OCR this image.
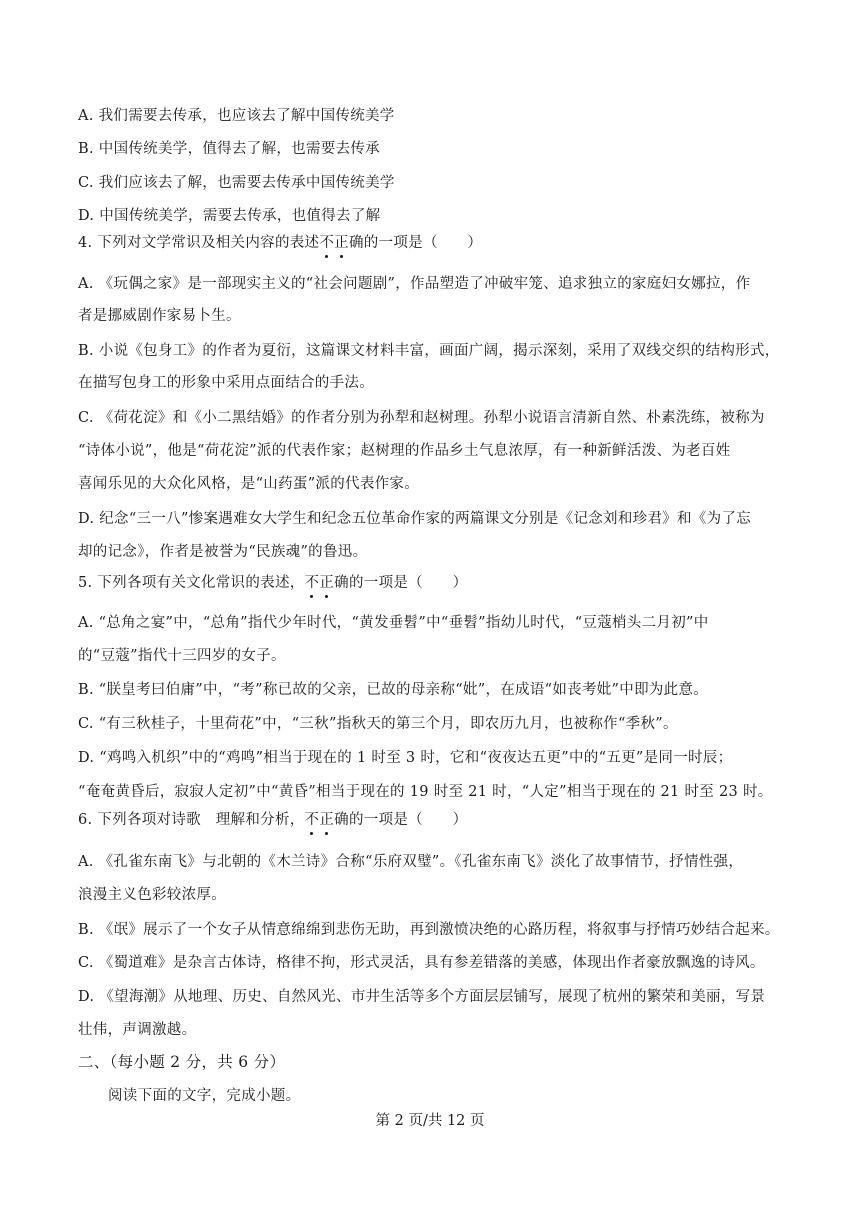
A. 我们需要去传承，也应该去了解中国传统美学
B. 中国传统美学，值得去了解，也需要去传承
C. 我们应该去了解，也需要去传承中国传统美学
D. 中国传统美学，需要去传承，也值得去了解
4. 下列对文学常识及相关内容的表述不正确的一项是（　　）
A. 《玩偶之家》是一部现实主义的“社会问题剧”，作品塑造了冲破牢笼、追求独立的家庭妇女娜拉，作
者是挪威剧作家易卜生。
B. 小说《包身工》的作者为夏衍，这篇课文材料丰富，画面广阔，揭示深刻，采用了双线交织的结构形式，
在描写包身工的形象中采用点面结合的手法。
C. 《荷花淀》和《小二黑结婚》的作者分别为孙犁和赵树理。孙犁小说语言清新自然、朴素洗练，被称为
“诗体小说”，他是“荷花淀”派的代表作家；赵树理的作品乡土气息浓厚，有一种新鲜活泼、为老百姓
喜闻乐见的大众化风格，是“山药蛋”派的代表作家。
D. 纪念“三一八”惨案遇难女大学生和纪念五位革命作家的两篇课文分别是《记念刘和珍君》和《为了忘
却的记念》，作者是被誉为“民族魂”的鲁迅。
5. 下列各项有关文化常识的表述，不正确的一项是（　　）
A. “总角之宴”中，“总角”指代少年时代，“黄发垂髫”中“垂髫”指幼儿时代，“豆蔻梢头二月初”中
的“豆蔻”指代十三四岁的女子。
B. “朕皇考曰伯庸”中，“考”称已故的父亲，已故的母亲称“妣”，在成语“如丧考妣”中即为此意。
C. “有三秋桂子，十里荷花”中，“三秋”指秋天的第三个月，即农历九月，也被称作“季秋”。
D. “鸡鸣入机织”中的“鸡鸣”相当于现在的 1 时至 3 时，它和“夜夜达五更”中的“五更”是同一时辰；
“奄奄黄昏后，寂寂人定初”中“黄昏”相当于现在的 19 时至 21 时，“人定”相当于现在的 21 时至 23 时。
6. 下列各项对诗歌　理解和分析，不正确的一项是（　　）
A. 《孔雀东南飞》与北朝的《木兰诗》合称“乐府双璧”。《孔雀东南飞》淡化了故事情节，抒情性强，
浪漫主义色彩较浓厚。
B. 《氓》展示了一个女子从情意绵绵到悲伤无助，再到激愤决绝的心路历程，将叙事与抒情巧妙结合起来。
C. 《蜀道难》是杂言古体诗，格律不拘，形式灵活，具有参差错落的美感，体现出作者豪放飘逸的诗风。
D. 《望海潮》从地理、历史、自然风光、市井生活等多个方面层层铺写，展现了杭州的繁荣和美丽，写景
壮伟，声调激越。
二、（每小题 2 分，共 6 分）
阅读下面的文字，完成小题。
第 2 页/共 12 页
